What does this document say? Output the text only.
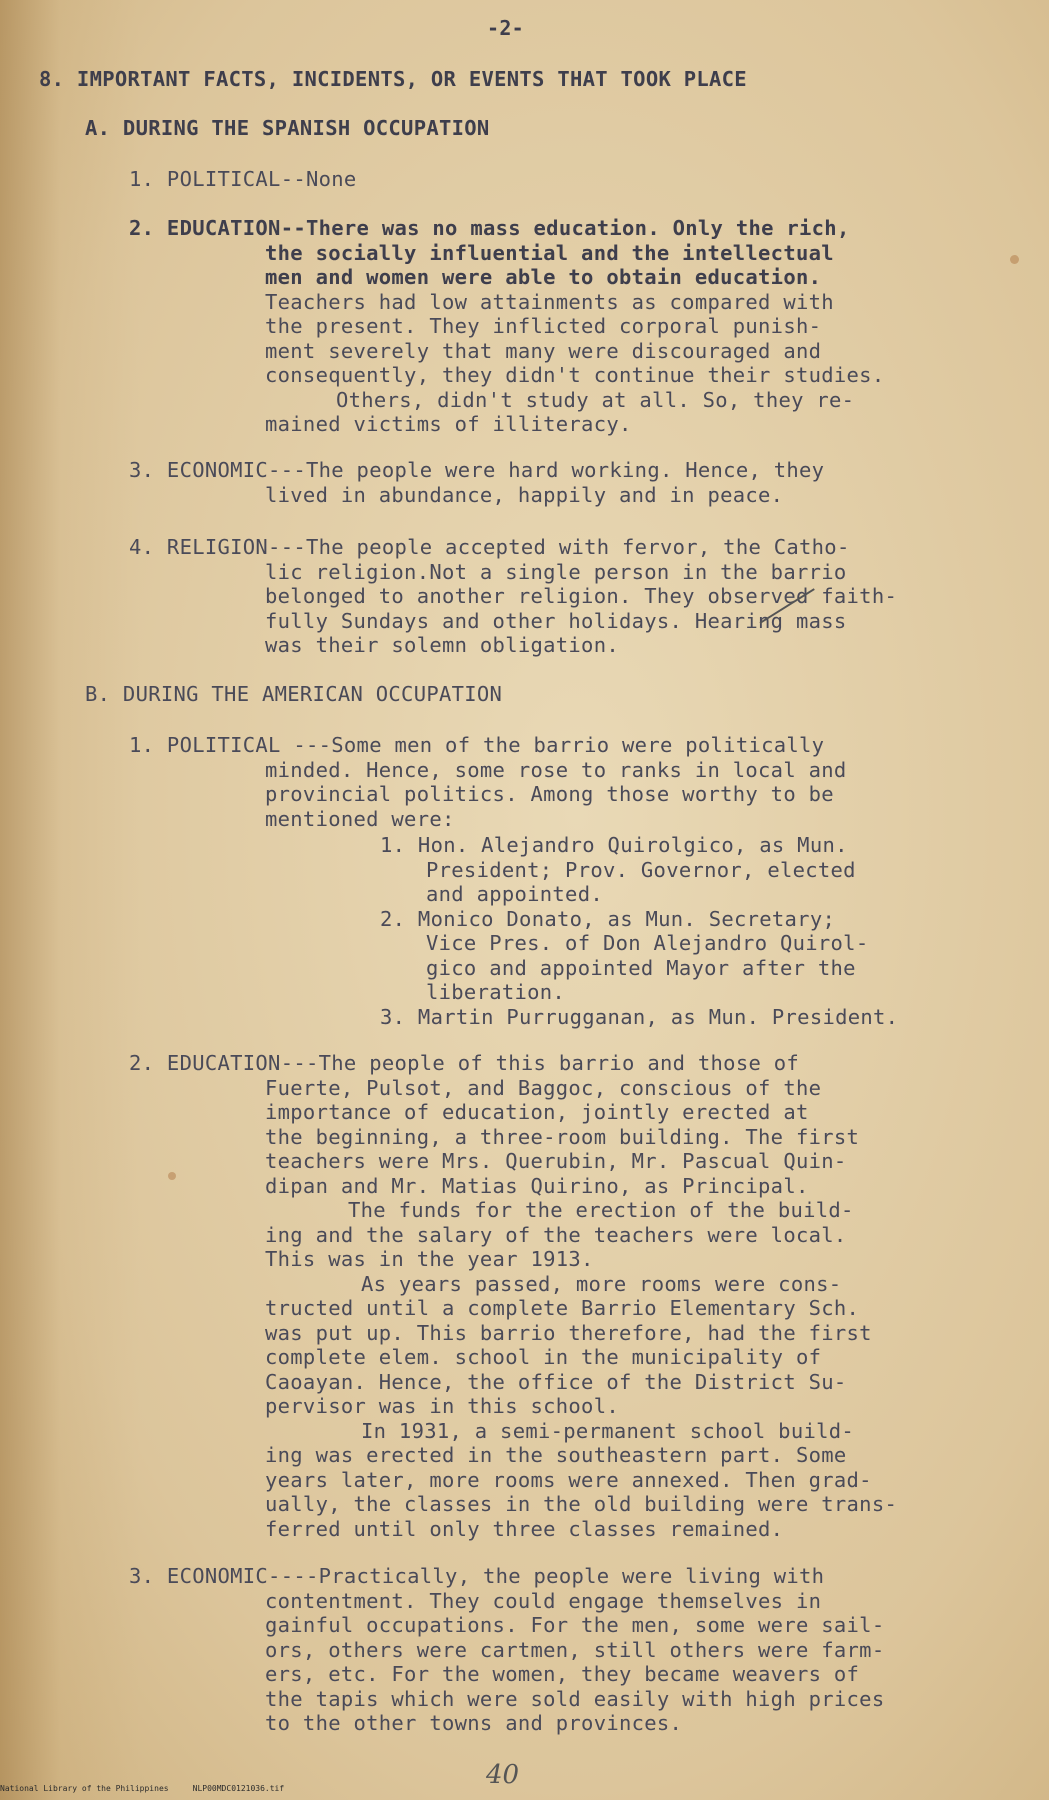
-2-

8. IMPORTANT FACTS, INCIDENTS, OR EVENTS THAT TOOK PLACE

A. DURING THE SPANISH OCCUPATION

1. POLITICAL--None
2. EDUCATION--There was no mass education. Only the rich,
the socially influential and the intellectual
men and women were able to obtain education.
Teachers had low attainments as compared with
the present. They inflicted corporal punish-
ment severely that many were discouraged and
consequently, they didn't continue their studies.
Others, didn't study at all. So, they re-
mained victims of illiteracy.
3. ECONOMIC---The people were hard working. Hence, they
lived in abundance, happily and in peace.
4. RELIGION---The people accepted with fervor, the Catho-
lic religion.Not a single person in the barrio
belonged to another religion. They observed faith-
fully Sundays and other holidays. Hearing mass
was their solemn obligation.

B. DURING THE AMERICAN OCCUPATION

1. POLITICAL ---Some men of the barrio were politically
minded. Hence, some rose to ranks in local and
provincial politics. Among those worthy to be
mentioned were:
1. Hon. Alejandro Quirolgico, as Mun.
President; Prov. Governor, elected
and appointed.
2. Monico Donato, as Mun. Secretary;
Vice Pres. of Don Alejandro Quirol-
gico and appointed Mayor after the
liberation.
3. Martin Purrugganan, as Mun. President.
2. EDUCATION---The people of this barrio and those of
Fuerte, Pulsot, and Baggoc, conscious of the
importance of education, jointly erected at
the beginning, a three-room building. The first
teachers were Mrs. Querubin, Mr. Pascual Quin-
dipan and Mr. Matias Quirino, as Principal.
The funds for the erection of the build-
ing and the salary of the teachers were local.
This was in the year 1913.
As years passed, more rooms were cons-
tructed until a complete Barrio Elementary Sch.
was put up. This barrio therefore, had the first
complete elem. school in the municipality of
Caoayan. Hence, the office of the District Su-
pervisor was in this school.
In 1931, a semi-permanent school build-
ing was erected in the southeastern part. Some
years later, more rooms were annexed. Then grad-
ually, the classes in the old building were trans-
ferred until only three classes remained.
3. ECONOMIC----Practically, the people were living with
contentment. They could engage themselves in
gainful occupations. For the men, some were sail-
ors, others were cartmen, still others were farm-
ers, etc. For the women, they became weavers of
the tapis which were sold easily with high prices
to the other towns and provinces.
40
National Library of the Philippines     NLP00MDC0121036.tif
